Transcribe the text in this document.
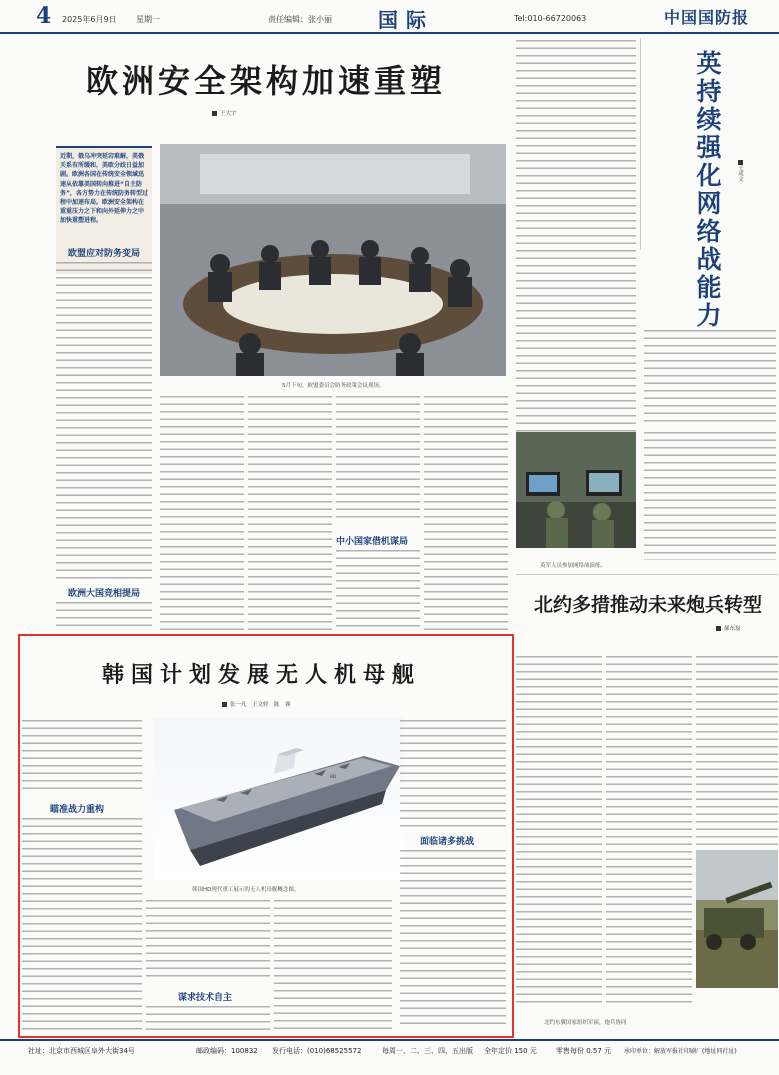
4 2025年6月9日 星期一	责任编辑：张小丽 国际	Tel:010-66720063	中国国防报
欧洲安全架构加速重塑
王大宇
近期，俄乌冲突延宕难解，美俄关系有所缓和，美欧分歧日益加剧。欧洲各国在传统安全领域迅速从依靠美国转向推进“自主防务”，各方势力在传统防务转型过程中加速布局。欧洲安全架构在重重压力之下和向外延伸力之中加快重塑进程。
欧盟应对防务变局
欧洲大国竞相提局
5月下旬，欧盟委员会防务政策会议现场。
中小国家借机谋局
英持续强化网络战能力
王成文
英军人员参加网络战演练。
北约多措推动未来炮兵转型
郝东磊
北约东翼国家组织军演，炮兵协同
韩国计划发展无人机母舰
张一凡　王文婷　陈　睿
HD
韩国HD现代重工展示的无人机母舰概念图。
瞄准战力重构
谋求技术自主
面临诸多挑战
社址：北京市西城区阜外大街34号	邮政编码：100832 发行电话：(010)68525572	每周一、二、三、四、五出版 全年定价 150 元	零售每份 0.57 元 承印单位：解放军报社印刷厂(地址同社址)
